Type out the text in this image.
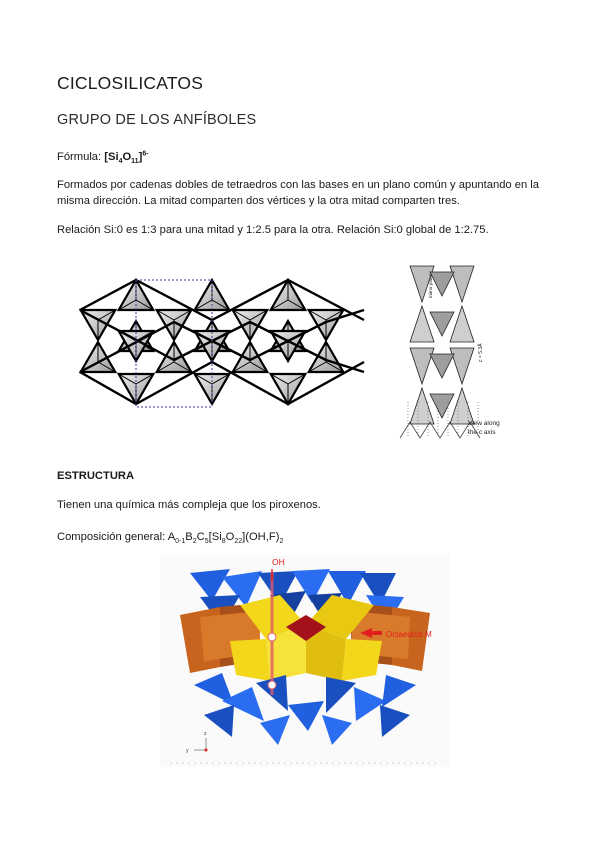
CICLOSILICATOS
GRUPO DE LOS ANFÍBOLES

Fórmula: $[Si_4O_{11}]^{6-}$

Formados por cadenas dobles de tetraedros con las bases en un plano común y apuntando en la misma dirección. La mitad comparten dos vértices y la otra mitad comparten tres.

Relación Si:0 es 1:3 para una mitad y 1:2.5 para la otra. Relación Si:0 global de 1:2.75.

View along
the c axis
mirror plane
c = 5.3Å

ESTRUCTURA

Tienen una química más compleja que los piroxenos.

Composición general: $A_{0-1}B_2C_5[Si_8O_{22}](OH,F)_2$

OH
Octaedros M
y
z
